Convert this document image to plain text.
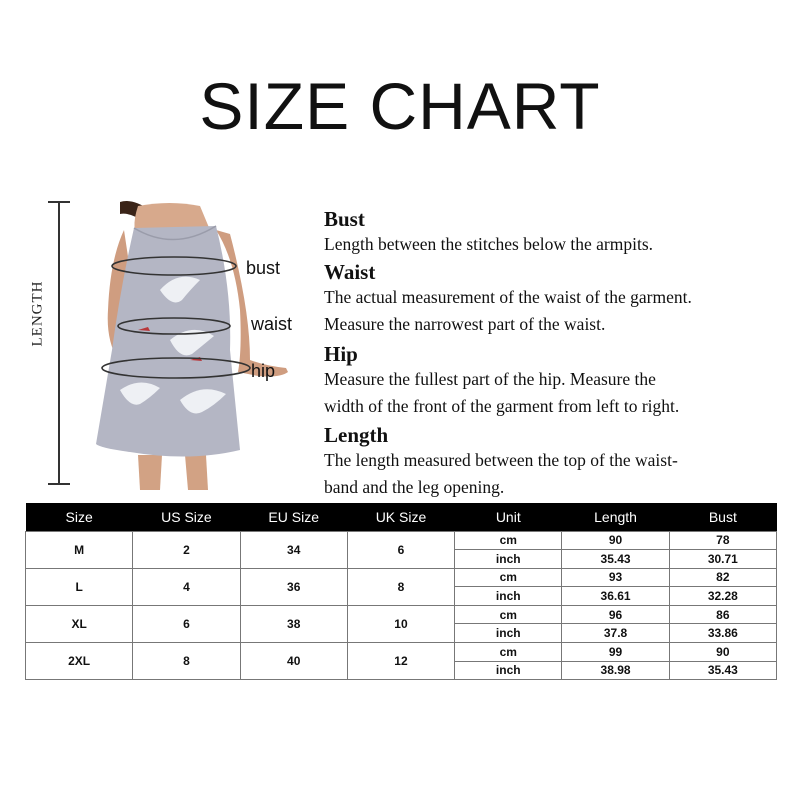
SIZE CHART
LENGTH
bust
waist
hip
Bust
Length between the stitches below the armpits.
Waist
The actual measurement of the waist of the garment.
Measure the narrowest part of the waist.
Hip
Measure the fullest part of the hip. Measure the
width of the front of the garment from left to right.
Length
The length measured between the top of the waist-
band and the leg opening.
Size	US Size	EU Size	UK Size	Unit	Length	Bust
M	2	34	6	cm	90	78
				inch	35.43	30.71
L	4	36	8	cm	93	82
				inch	36.61	32.28
XL	6	38	10	cm	96	86
				inch	37.8	33.86
2XL	8	40	12	cm	99	90
				inch	38.98	35.43
